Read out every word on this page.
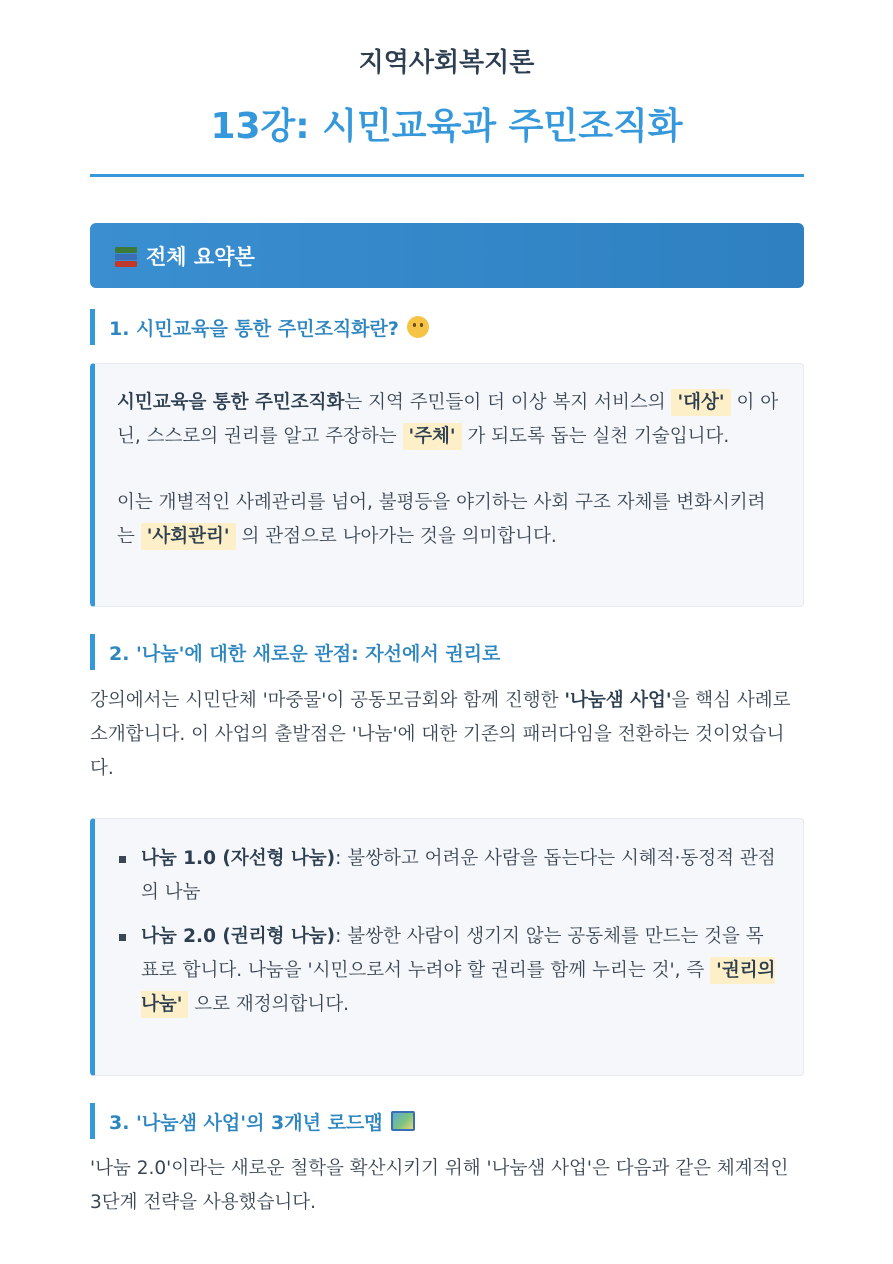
지역사회복지론
13강: 시민교육과 주민조직화
전체 요약본
1. 시민교육을 통한 주민조직화란?
시민교육을 통한 주민조직화는 지역 주민들이 더 이상 복지 서비스의 '대상' 이 아닌, 스스로의 권리를 알고 주장하는 '주체' 가 되도록 돕는 실천 기술입니다.
이는 개별적인 사례관리를 넘어, 불평등을 야기하는 사회 구조 자체를 변화시키려는 '사회관리' 의 관점으로 나아가는 것을 의미합니다.
2. '나눔'에 대한 새로운 관점: 자선에서 권리로
강의에서는 시민단체 '마중물'이 공동모금회와 함께 진행한 '나눔샘 사업'을 핵심 사례로 소개합니다. 이 사업의 출발점은 '나눔'에 대한 기존의 패러다임을 전환하는 것이었습니다.
나눔 1.0 (자선형 나눔): 불쌍하고 어려운 사람을 돕는다는 시혜적·동정적 관점의 나눔
나눔 2.0 (권리형 나눔): 불쌍한 사람이 생기지 않는 공동체를 만드는 것을 목표로 합니다. 나눔을 '시민으로서 누려야 할 권리를 함께 누리는 것', 즉 '권리의 나눔' 으로 재정의합니다.
3. '나눔샘 사업'의 3개년 로드맵
'나눔 2.0'이라는 새로운 철학을 확산시키기 위해 '나눔샘 사업'은 다음과 같은 체계적인 3단계 전략을 사용했습니다.
